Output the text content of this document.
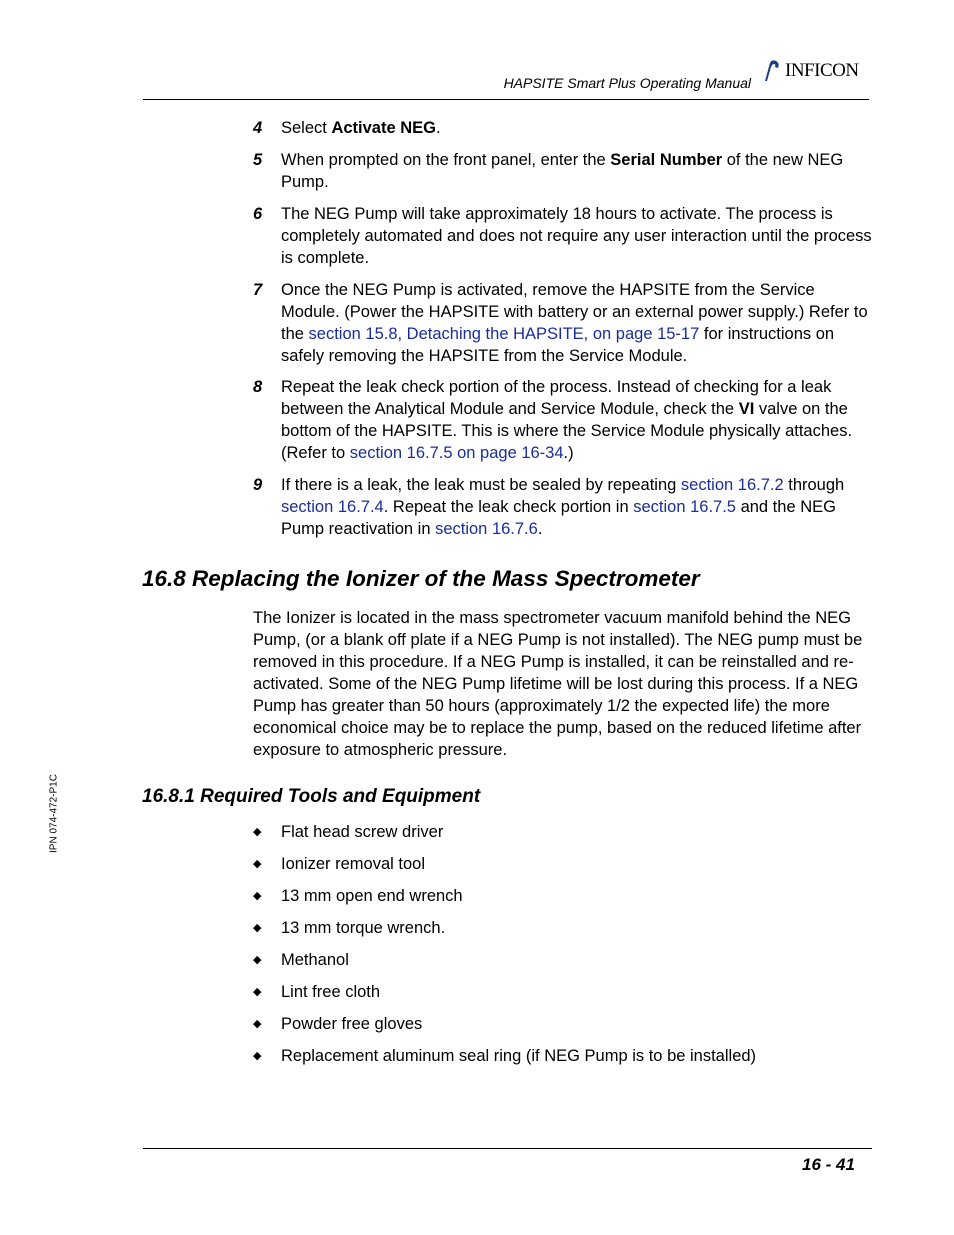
HAPSITE Smart Plus Operating Manual
INFICON
4 Select Activate NEG.
5 When prompted on the front panel, enter the Serial Number of the new NEG Pump.
6 The NEG Pump will take approximately 18 hours to activate. The process is completely automated and does not require any user interaction until the process is complete.
7 Once the NEG Pump is activated, remove the HAPSITE from the Service Module. (Power the HAPSITE with battery or an external power supply.) Refer to the section 15.8, Detaching the HAPSITE, on page 15-17 for instructions on safely removing the HAPSITE from the Service Module.
8 Repeat the leak check portion of the process. Instead of checking for a leak between the Analytical Module and Service Module, check the VI valve on the bottom of the HAPSITE. This is where the Service Module physically attaches. (Refer to section 16.7.5 on page 16-34.)
9 If there is a leak, the leak must be sealed by repeating section 16.7.2 through section 16.7.4. Repeat the leak check portion in section 16.7.5 and the NEG Pump reactivation in section 16.7.6.
16.8 Replacing the Ionizer of the Mass Spectrometer
The Ionizer is located in the mass spectrometer vacuum manifold behind the NEG Pump, (or a blank off plate if a NEG Pump is not installed). The NEG pump must be removed in this procedure. If a NEG Pump is installed, it can be reinstalled and re-activated. Some of the NEG Pump lifetime will be lost during this process. If a NEG Pump has greater than 50 hours (approximately 1/2 the expected life) the more economical choice may be to replace the pump, based on the reduced lifetime after exposure to atmospheric pressure.
16.8.1 Required Tools and Equipment
◆ Flat head screw driver
◆ Ionizer removal tool
◆ 13 mm open end wrench
◆ 13 mm torque wrench.
◆ Methanol
◆ Lint free cloth
◆ Powder free gloves
◆ Replacement aluminum seal ring (if NEG Pump is to be installed)
IPN 074-472-P1C
16 - 41
